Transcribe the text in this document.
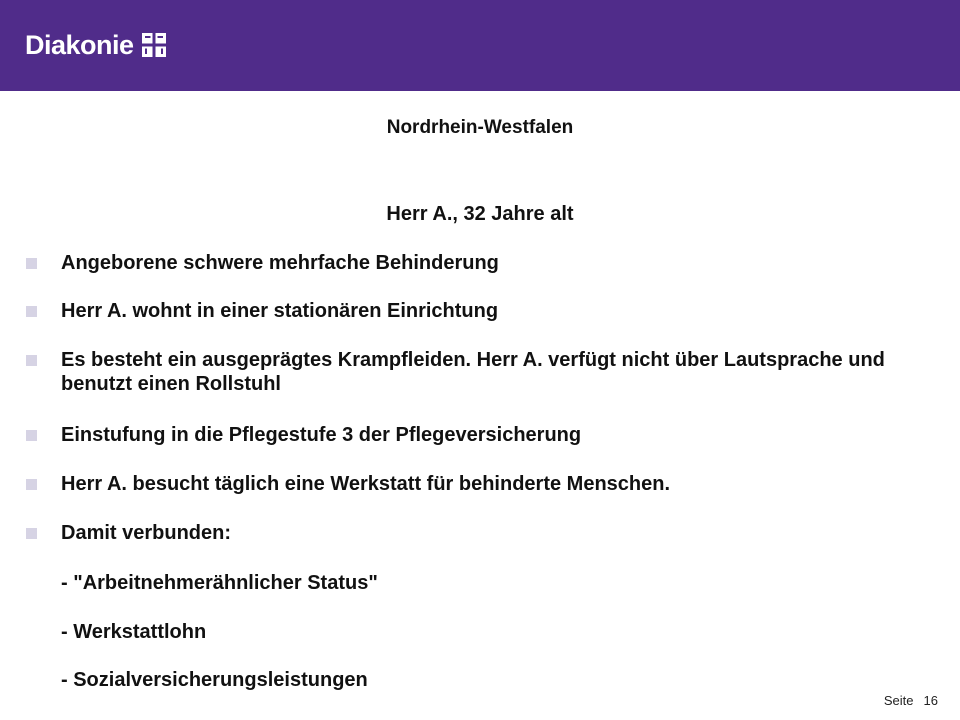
Diakonie
Nordrhein-Westfalen
Herr A., 32 Jahre alt
Angeborene schwere mehrfache Behinderung
Herr A. wohnt in einer stationären Einrichtung
Es besteht ein ausgeprägtes Krampfleiden. Herr A. verfügt nicht über Lautsprache und benutzt einen Rollstuhl
Einstufung in die Pflegestufe 3 der Pflegeversicherung
Herr A. besucht täglich eine Werkstatt für behinderte Menschen.
Damit verbunden:
- "Arbeitnehmerähnlicher Status"
- Werkstattlohn
- Sozialversicherungsleistungen
Seite 16
